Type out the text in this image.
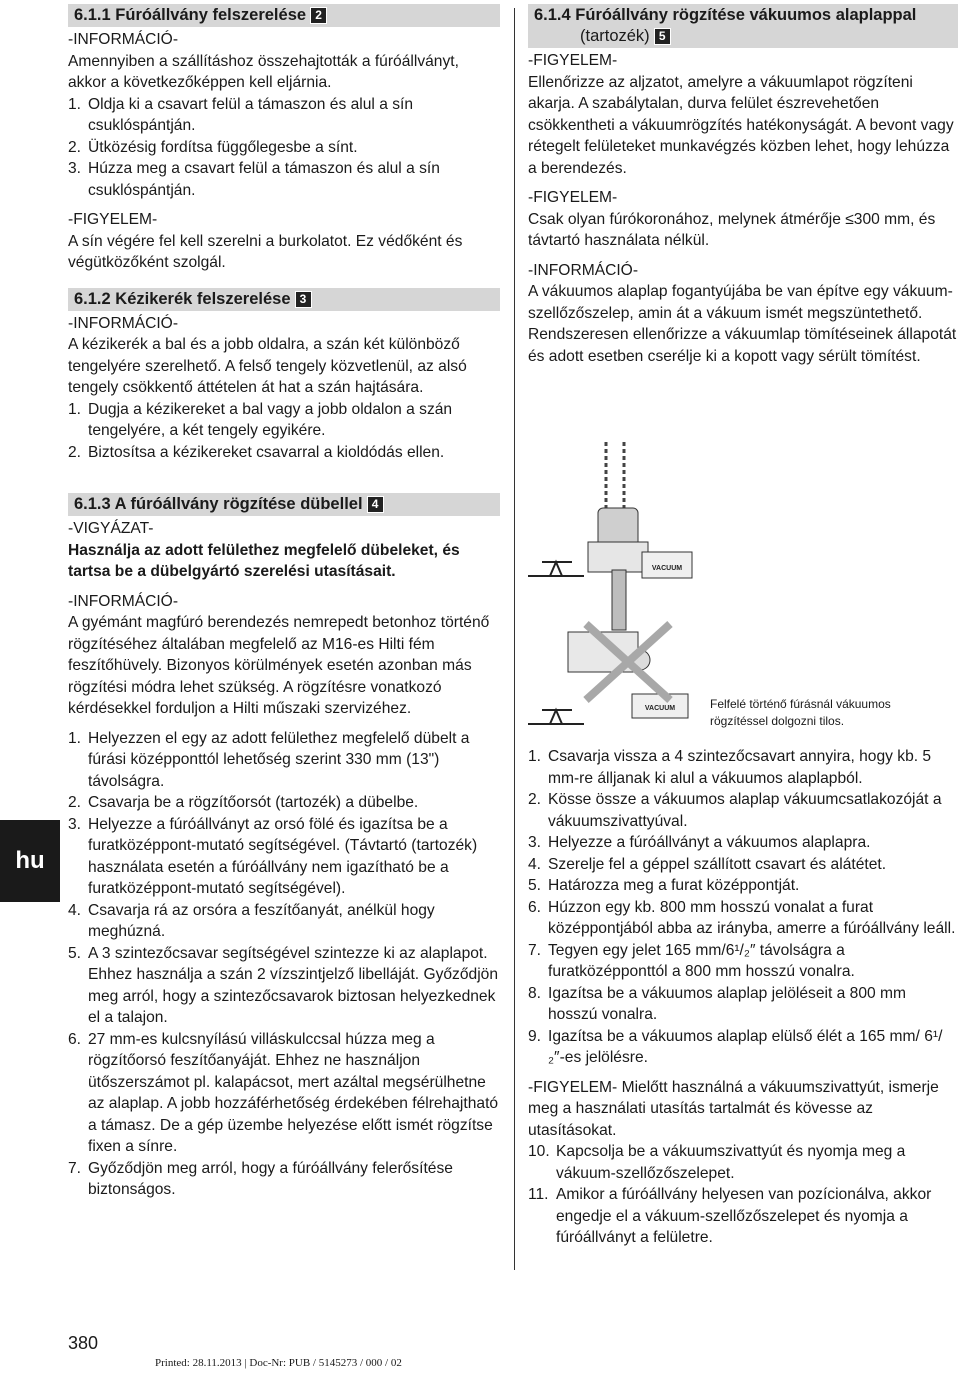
hu
6.1.1 Fúróállvány felszerelése 2

-INFORMÁCIÓ-

Amennyiben a szállításhoz összehajtották a fúróállványt, akkor a következőképpen kell eljárnia.

1. Oldja ki a csavart felül a támaszon és alul a sín csuklóspántján.
2. Ütközésig fordítsa függőlegesbe a sínt.
3. Húzza meg a csavart felül a támaszon és alul a sín csuklóspántján.

-FIGYELEM-

A sín végére fel kell szerelni a burkolatot. Ez védőként és végütközőként szolgál.

6.1.2 Kézikerék felszerelése 3

-INFORMÁCIÓ-

A kézikerék a bal és a jobb oldalra, a szán két különböző tengelyére szerelhető. A felső tengely közvetlenül, az alsó tengely csökkentő áttételen át hat a szán hajtására.

1. Dugja a kézikereket a bal vagy a jobb oldalon a szán tengelyére, a két tengely egyikére.
2. Biztosítsa a kézikereket csavarral a kioldódás ellen.
6.1.3 A fúróállvány rögzítése dübellel 4

-VIGYÁZAT-

Használja az adott felülethez megfelelő dübeleket, és tartsa be a dübelgyártó szerelési utasításait.

-INFORMÁCIÓ-

A gyémánt magfúró berendezés nemrepedt betonhoz történő rögzítéséhez általában megfelelő az M16-es Hilti fém feszítőhüvely. Bizonyos körülmények esetén azonban más rögzítési módra lehet szükség. A rögzítésre vonatkozó kérdésekkel forduljon a Hilti műszaki szervizéhez.

1. Helyezzen el egy az adott felülethez megfelelő dübelt a fúrási középponttól lehetőség szerint 330 mm (13") távolságra.
2. Csavarja be a rögzítőorsót (tartozék) a dübelbe.
3. Helyezze a fúróállványt az orsó fölé és igazítsa be a furatközéppont-mutató segítségével. (Távtartó (tartozék) használata esetén a fúróállvány nem igazítható be a furatközéppont-mutató segítségével).
4. Csavarja rá az orsóra a feszítőanyát, anélkül hogy meghúzná.
5. A 3 szintezőcsavar segítségével szintezze ki az alaplapot. Ehhez használja a szán 2 vízszintjelző libelláját. Győződjön meg arról, hogy a szintezőcsavarok biztosan helyezkednek el a talajon.
6. 27 mm-es kulcsnyílású villáskulccsal húzza meg a rögzítőorsó feszítőanyáját. Ehhez ne használjon ütőszerszámot pl. kalapácsot, mert azáltal megsérülhetne az alaplap. A jobb hozzáférhetőség érdekében félrehajtható a támasz. De a gép üzembe helyezése előtt ismét rögzítse fixen a sínre.
7. Győződjön meg arról, hogy a fúróállvány felerősítése biztonságos.
6.1.4 Fúróállvány rögzítése vákuumos alaplappal
(tartozék) 5

-FIGYELEM-

Ellenőrizze az aljzatot, amelyre a vákuumlapot rögzíteni akarja. A szabálytalan, durva felület észrevehetően csökkentheti a vákuumrögzítés hatékonyságát. A bevont vagy rétegelt felületeket munkavégzés közben lehet, hogy lehúzza a berendezés.

-FIGYELEM-

Csak olyan fúrókoronához, melynek átmérője ≤300 mm, és távtartó használata nélkül.

-INFORMÁCIÓ-

A vákuumos alaplap fogantyújába be van építve egy vákuum-szellőzőszelep, amin át a vákuum ismét megszüntethető.

Rendszeresen ellenőrizze a vákuumlap tömítéseinek állapotát és adott esetben cserélje ki a kopott vagy sérült tömítést.

VACUUM
VACUUM	Felfelé történő fúrásnál vákuumos rögzítéssel dolgozni tilos.
1. Csavarja vissza a 4 szintezőcsavart annyira, hogy kb. 5 mm-re álljanak ki alul a vákuumos alaplapból.
2. Kösse össze a vákuumos alaplap vákuumcsatlakozóját a vákuumszivattyúval.
3. Helyezze a fúróállványt a vákuumos alaplapra.
4. Szerelje fel a géppel szállított csavart és alátétet.
5. Határozza meg a furat középpontját.
6. Húzzon egy kb. 800 mm hosszú vonalat a furat középpontjából abba az irányba, amerre a fúróállvány leáll.
7. Tegyen egy jelet 165 mm/6¹/₂″ távolságra a furatközépponttól a 800 mm hosszú vonalra.
8. Igazítsa be a vákuumos alaplap jelöléseit a 800 mm hosszú vonalra.
9. Igazítsa be a vákuumos alaplap elülső élét a 165 mm/ 6¹/₂″-es jelölésre.

-FIGYELEM- Mielőtt használná a vákuumszivattyút, ismerje meg a használati utasítás tartalmát és kövesse az utasításokat.

10. Kapcsolja be a vákuumszivattyút és nyomja meg a vákuum-szellőzőszelepet.
11. Amikor a fúróállvány helyesen van pozícionálva, akkor engedje el a vákuum-szellőzőszelepet és nyomja a fúróállványt a felületre.
380
Printed: 28.11.2013 | Doc-Nr: PUB / 5145273 / 000 / 02
